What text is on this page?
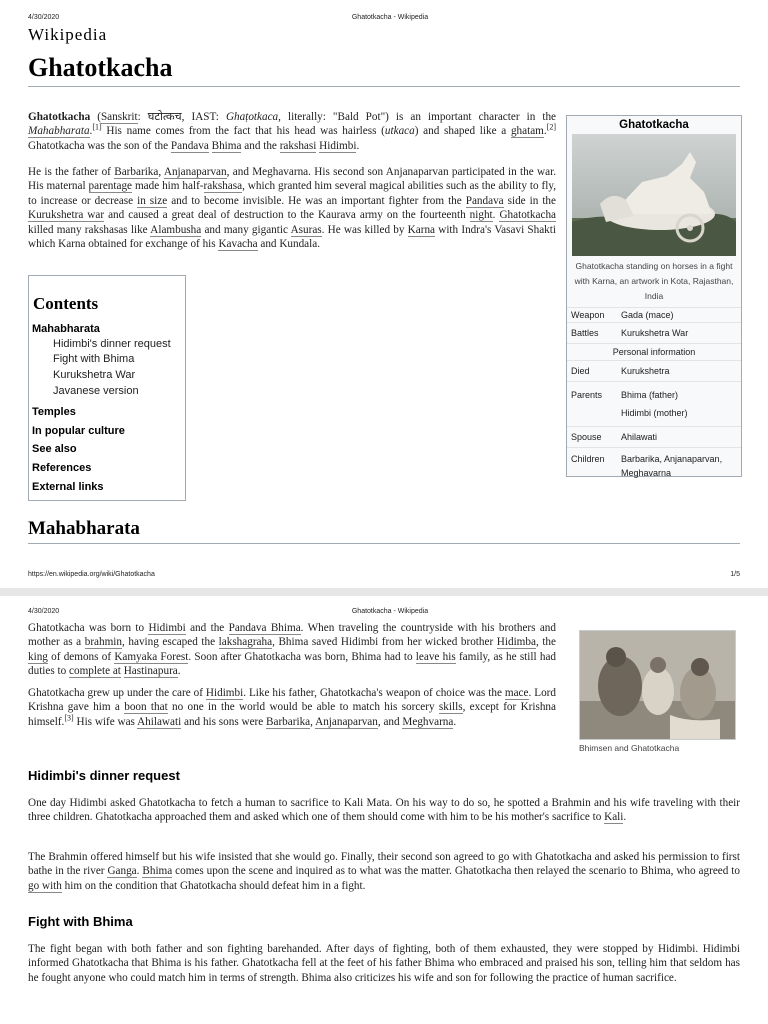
4/30/2020	Ghatotkacha - Wikipedia
Wikipedia
Ghatotkacha
Ghatotkacha (Sanskrit: घटोत्कच, IAST: Ghaṭotkaca, literally: "Bald Pot") is an important character in the Mahabharata.[1] His name comes from the fact that his head was hairless (utkaca) and shaped like a ghatam.[2] Ghatotkacha was the son of the Pandava Bhima and the rakshasi Hidimbi.
He is the father of Barbarika, Anjanaparvan, and Meghavarna. His second son Anjanaparvan participated in the war. His maternal parentage made him half-rakshasa, which granted him several magical abilities such as the ability to fly, to increase or decrease in size and to become invisible. He was an important fighter from the Pandava side in the Kurukshetra war and caused a great deal of destruction to the Kaurava army on the fourteenth night. Ghatotkacha killed many rakshasas like Alambusha and many gigantic Asuras. He was killed by Karna with Indra's Vasavi Shakti which Karna obtained for exchange of his Kavacha and Kundala.
Ghatotkacha
Ghatotkacha standing on horses in a fight with Karna, an artwork in Kota, Rajasthan, India
Weapon	Gada (mace)
Battles	Kurukshetra War
Personal information
Died	Kurukshetra
Parents	Bhima (father)
Hidimbi (mother)
Spouse	Ahilawati
Children	Barbarika, Anjanaparvan, Meghavarna
Contents
Mahabharata
Hidimbi's dinner request
Fight with Bhima
Kurukshetra War
Javanese version
Temples
In popular culture
See also
References
External links
Mahabharata
https://en.wikipedia.org/wiki/Ghatotkacha	1/5
4/30/2020	Ghatotkacha - Wikipedia
Ghatotkacha was born to Hidimbi and the Pandava Bhima. When traveling the countryside with his brothers and mother as a brahmin, having escaped the lakshagraha, Bhima saved Hidimbi from her wicked brother Hidimba, the king of demons of Kamyaka Forest. Soon after Ghatotkacha was born, Bhima had to leave his family, as he still had duties to complete at Hastinapura.
Ghatotkacha grew up under the care of Hidimbi. Like his father, Ghatotkacha's weapon of choice was the mace. Lord Krishna gave him a boon that no one in the world would be able to match his sorcery skills, except for Krishna himself.[3] His wife was Ahilawati and his sons were Barbarika, Anjanaparvan, and Meghvarna.
Bhimsen and Ghatotkacha
Hidimbi's dinner request
One day Hidimbi asked Ghatotkacha to fetch a human to sacrifice to Kali Mata. On his way to do so, he spotted a Brahmin and his wife traveling with their three children. Ghatotkacha approached them and asked which one of them should come with him to be his mother's sacrifice to Kali.
The Brahmin offered himself but his wife insisted that she would go. Finally, their second son agreed to go with Ghatotkacha and asked his permission to first bathe in the river Ganga. Bhima comes upon the scene and inquired as to what was the matter. Ghatotkacha then relayed the scenario to Bhima, who agreed to go with him on the condition that Ghatotkacha should defeat him in a fight.
Fight with Bhima
The fight began with both father and son fighting barehanded. After days of fighting, both of them exhausted, they were stopped by Hidimbi. Hidimbi informed Ghatotkacha that Bhima is his father. Ghatotkacha fell at the feet of his father Bhima who embraced and praised his son, telling him that seldom has he fought anyone who could match him in terms of strength. Bhima also criticizes his wife and son for following the practice of human sacrifice.
